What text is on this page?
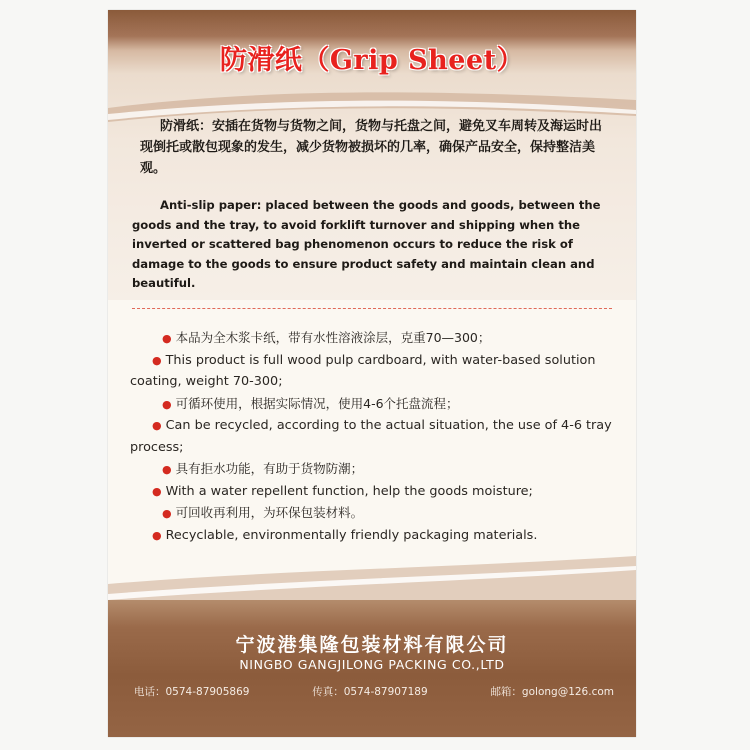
防滑纸（Grip Sheet）

防滑纸：安插在货物与货物之间，货物与托盘之间，避免叉车周转及海运时出现倒托或散包现象的发生，减少货物被损坏的几率，确保产品安全，保持整洁美观。

Anti-slip paper: placed between the goods and goods, between the goods and the tray, to avoid forklift turnover and shipping when the inverted or scattered bag phenomenon occurs to reduce the risk of damage to the goods to ensure product safety and maintain clean and beautiful.

● 本品为全木浆卡纸，带有水性溶液涂层，克重70—300；
● This product is full wood pulp cardboard, with water-based solution coating, weight 70-300;
● 可循环使用，根据实际情况，使用4-6个托盘流程；
● Can be recycled, according to the actual situation, the use of 4-6 tray process;
● 具有拒水功能，有助于货物防潮；
● With a water repellent function, help the goods moisture;
● 可回收再利用，为环保包装材料。
● Recyclable, environmentally friendly packaging materials.
宁波港集隆包装材料有限公司
NINGBO GANGJILONG PACKING CO.,LTD
电话：0574-87905869	传真：0574-87907189	邮箱：golong@126.com
